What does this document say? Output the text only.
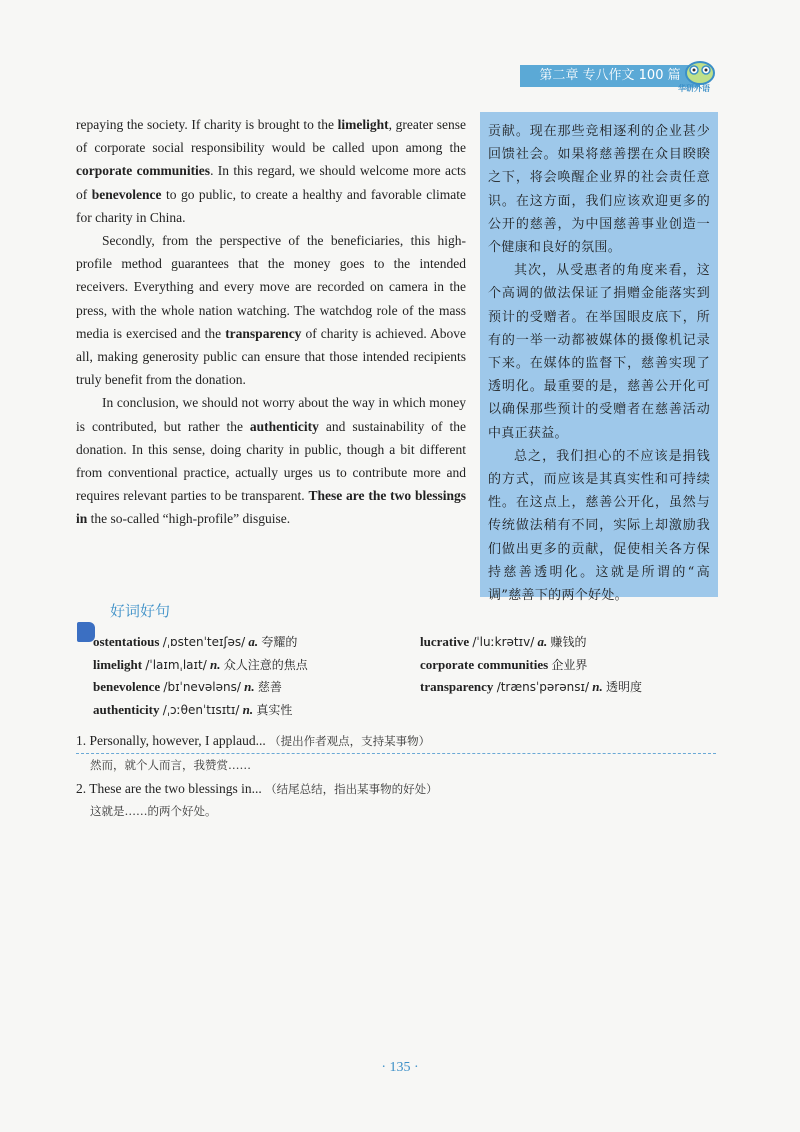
第二章 专八作文 100 篇
华研外语

repaying the society. If charity is brought to the limelight, greater sense of corporate social responsibility would be called upon among the corporate communities. In this regard, we should welcome more acts of benevolence to go public, to create a healthy and favorable climate for charity in China.

Secondly, from the perspective of the beneficiaries, this high-profile method guarantees that the money goes to the intended receivers. Everything and every move are recorded on camera in the press, with the whole nation watching. The watchdog role of the mass media is exercised and the transparency of charity is achieved. Above all, making generosity public can ensure that those intended recipients truly benefit from the donation.

In conclusion, we should not worry about the way in which money is contributed, but rather the authenticity and sustainability of the donation. In this sense, doing charity in public, though a bit different from conventional practice, actually urges us to contribute more and requires relevant parties to be transparent. These are the two blessings in the so-called “high-profile” disguise.

贡献。现在那些竞相逐利的企业甚少回馈社会。如果将慈善摆在众目睽睽之下，将会唤醒企业界的社会责任意识。在这方面，我们应该欢迎更多的公开的慈善，为中国慈善事业创造一个健康和良好的氛围。

其次，从受惠者的角度来看，这个高调的做法保证了捐赠金能落实到预计的受赠者。在举国眼皮底下，所有的一举一动都被媒体的摄像机记录下来。在媒体的监督下，慈善实现了透明化。最重要的是，慈善公开化可以确保那些预计的受赠者在慈善活动中真正获益。

总之，我们担心的不应该是捐钱的方式，而应该是其真实性和可持续性。在这点上，慈善公开化，虽然与传统做法稍有不同，实际上却激励我们做出更多的贡献，促使相关各方保持慈善透明化。这就是所谓的“高调”慈善下的两个好处。

好词好句
ostentatious /ˌɒstenˈteɪʃəs/ a. 夸耀的
limelight /ˈlaɪmˌlaɪt/ n. 众人注意的焦点
benevolence /bɪˈnevələns/ n. 慈善
authenticity /ˌɔːθenˈtɪsɪtɪ/ n. 真实性
lucrative /ˈluːkrətɪv/ a. 赚钱的
corporate communities 企业界
transparency /trænsˈpərənsɪ/ n. 透明度
1. Personally, however, I applaud... （提出作者观点，支持某事物）
然而，就个人而言，我赞赏……
2. These are the two blessings in... （结尾总结，指出某事物的好处）
这就是……的两个好处。
· 135 ·
